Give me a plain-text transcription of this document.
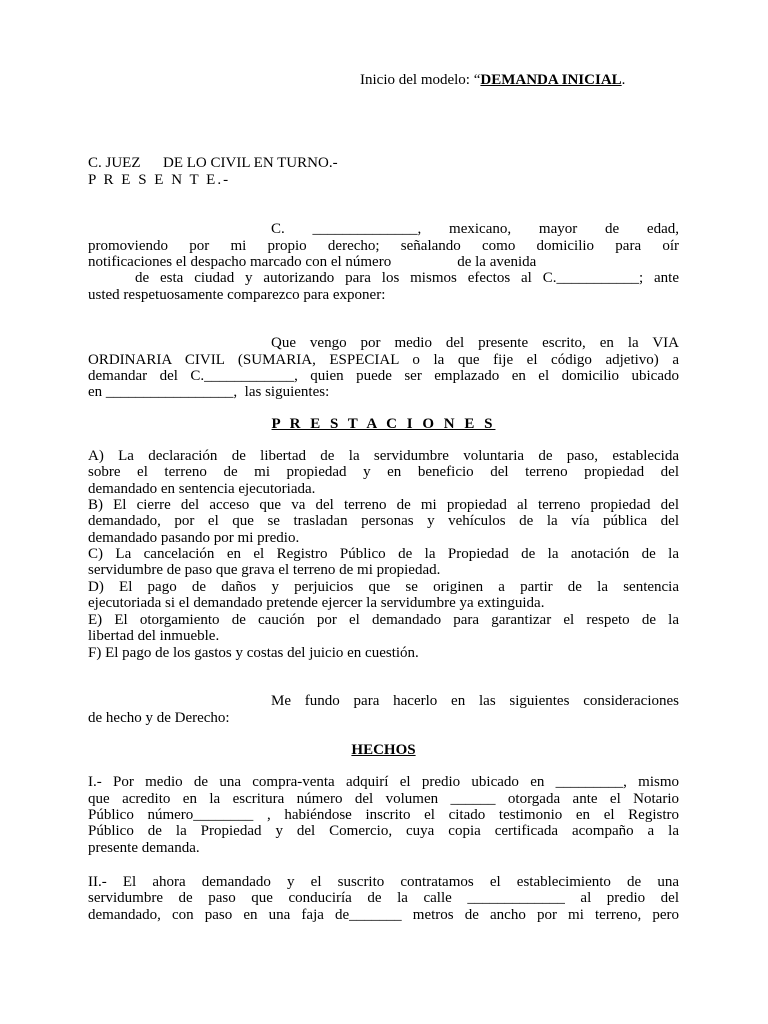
Inicio del modelo: “DEMANDA INICIAL.
C. JUEZ      DE LO CIVIL EN TURNO.-
P R E S E N T E.-
C. ______________, mexicano, mayor de edad,
promoviendo por mi propio derecho; señalando como domicilio para oír
notificaciones el despacho marcado con el número	de la avenida
de esta ciudad y autorizando para los mismos efectos al C.___________; ante
usted respetuosamente comparezco para exponer:
Que vengo por medio del presente escrito, en la VIA
ORDINARIA CIVIL (SUMARIA, ESPECIAL o la que fije el código adjetivo) a
demandar del C.____________, quien puede ser emplazado en el domicilio ubicado
en _________________,  las siguientes:
P R E S T A C I O N E S
A) La declaración de libertad de la servidumbre voluntaria de paso, establecida
sobre el terreno de mi propiedad y en beneficio del terreno propiedad del
demandado en sentencia ejecutoriada.
B) El cierre del acceso que va del terreno de mi propiedad al terreno propiedad del
demandado, por el que se trasladan personas y vehículos de la vía pública del
demandado pasando por mi predio.
C) La cancelación en el Registro Público de la Propiedad de la anotación de la
servidumbre de paso que grava el terreno de mi propiedad.
D) El pago de daños y perjuicios que se originen a partir de la sentencia
ejecutoriada si el demandado pretende ejercer la servidumbre ya extinguida.
E) El otorgamiento de caución por el demandado para garantizar el respeto de la
libertad del inmueble.
F) El pago de los gastos y costas del juicio en cuestión.
Me fundo para hacerlo en las siguientes consideraciones
de hecho y de Derecho:
HECHOS
I.- Por medio de una compra-venta adquirí el predio ubicado en _________, mismo
que acredito en la escritura número del volumen ______ otorgada ante el Notario
Público número________ , habiéndose inscrito el citado testimonio en el Registro
Público de la Propiedad y del Comercio, cuya copia certificada acompaño a la
presente demanda.
II.- El ahora demandado y el suscrito contratamos el establecimiento de una
servidumbre de paso que conduciría de la calle _____________ al predio del
demandado, con paso en una faja de_______ metros de ancho por mi terreno, pero
